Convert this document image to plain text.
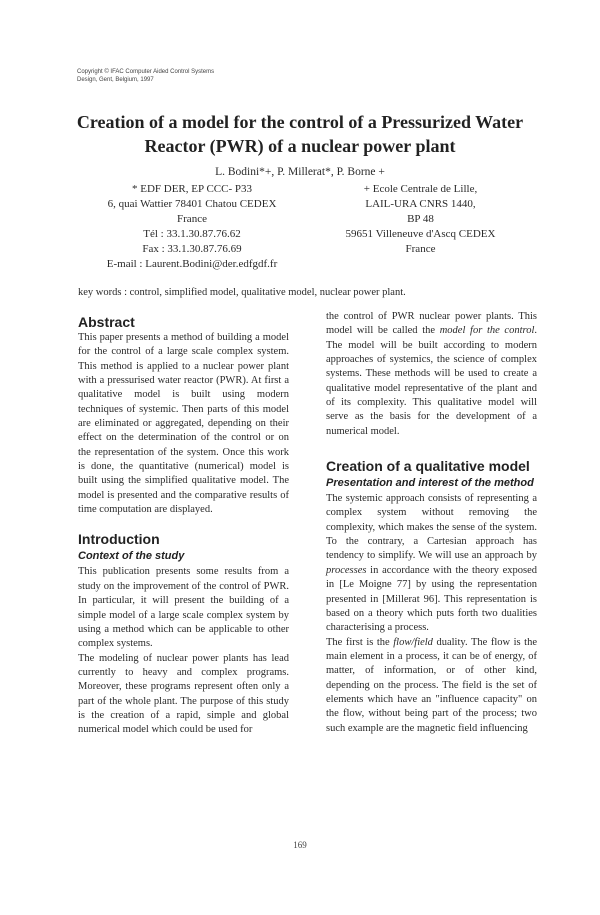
Copyright © IFAC Computer Aided Control Systems
Design, Gent, Belgium, 1997
Creation of a model for the control of a Pressurized Water
Reactor (PWR) of a nuclear power plant
L. Bodini*+, P. Millerat*, P. Borne +
* EDF DER, EP CCC- P33
6, quai Wattier 78401 Chatou CEDEX
France
Tél : 33.1.30.87.76.62
Fax : 33.1.30.87.76.69
E-mail : Laurent.Bodini@der.edfgdf.fr
+ Ecole Centrale de Lille,
LAIL-URA CNRS 1440,
BP 48
59651 Villeneuve d'Ascq CEDEX
France
key words : control, simplified model, qualitative model, nuclear power plant.
Abstract

This paper presents a method of building a model for the control of a large scale complex system. This method is applied to a nuclear power plant with a pressurised water reactor (PWR). At first a qualitative model is built using modern techniques of systemic. Then parts of this model are eliminated or aggregated, depending on their effect on the determination of the control or on the representation of the system. Once this work is done, the quantitative (numerical) model is built using the simplified qualitative model. The model is presented and the comparative results of time computation are displayed.

Introduction
Context of the study

This publication presents some results from a study on the improvement of the control of PWR. In particular, it will present the building of a simple model of a large scale complex system by using a method which can be applicable to other complex systems.

The modeling of nuclear power plants has lead currently to heavy and complex programs. Moreover, these programs represent often only a part of the whole plant. The purpose of this study is the creation of a rapid, simple and global numerical model which could be used for

the control of PWR nuclear power plants. This model will be called the model for the control. The model will be built according to modern approaches of systemics, the science of complex systems. These methods will be used to create a qualitative model representative of the plant and of its complexity. This qualitative model will serve as the basis for the development of a numerical model.

Creation of a qualitative model
Presentation and interest of the method

The systemic approach consists of representing a complex system without removing the complexity, which makes the sense of the system. To the contrary, a Cartesian approach has tendency to simplify. We will use an approach by processes in accordance with the theory exposed in [Le Moigne 77] by using the representation presented in [Millerat 96]. This representation is based on a theory which puts forth two dualities characterising a process.

The first is the flow/field duality. The flow is the main element in a process, it can be of energy, of matter, of information, or of other kind, depending on the process. The field is the set of elements which have an "influence capacity" on the flow, without being part of the process; two such example are the magnetic field influencing

169
